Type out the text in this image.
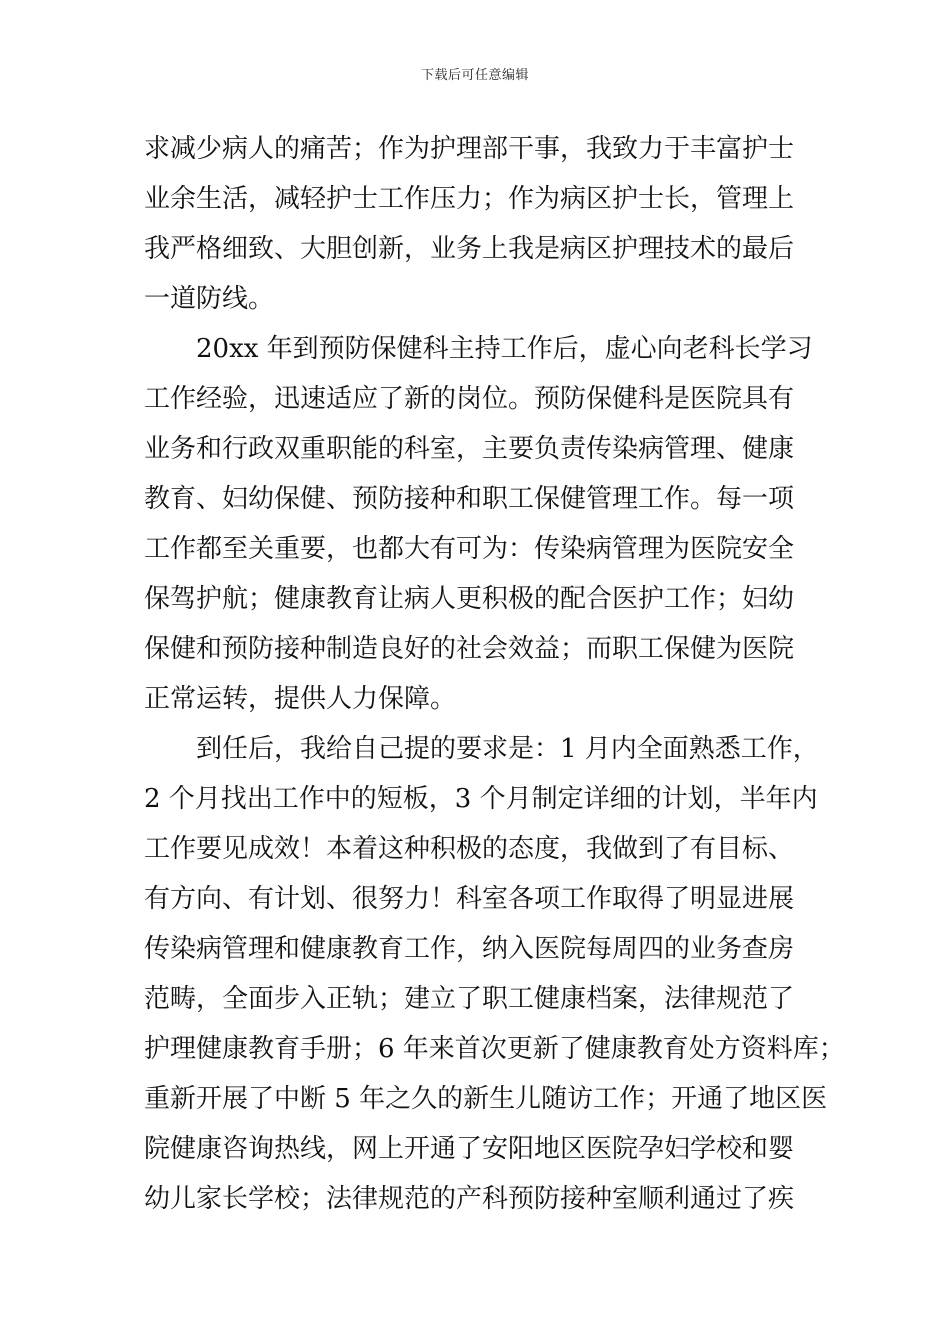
下载后可任意编辑
求减少病人的痛苦；作为护理部干事，我致力于丰富护士
业余生活，减轻护士工作压力；作为病区护士长，管理上
我严格细致、大胆创新，业务上我是病区护理技术的最后
一道防线。
20xx 年到预防保健科主持工作后，虚心向老科长学习
工作经验，迅速适应了新的岗位。预防保健科是医院具有
业务和行政双重职能的科室，主要负责传染病管理、健康
教育、妇幼保健、预防接种和职工保健管理工作。每一项
工作都至关重要，也都大有可为：传染病管理为医院安全
保驾护航；健康教育让病人更积极的配合医护工作；妇幼
保健和预防接种制造良好的社会效益；而职工保健为医院
正常运转，提供人力保障。
到任后，我给自己提的要求是：1 月内全面熟悉工作，
2 个月找出工作中的短板，3 个月制定详细的计划，半年内
工作要见成效！本着这种积极的态度，我做到了有目标、
有方向、有计划、很努力！科室各项工作取得了明显进展
传染病管理和健康教育工作，纳入医院每周四的业务查房
范畴，全面步入正轨；建立了职工健康档案，法律规范了
护理健康教育手册；6 年来首次更新了健康教育处方资料库；
重新开展了中断 5 年之久的新生儿随访工作；开通了地区医
院健康咨询热线，网上开通了安阳地区医院孕妇学校和婴
幼儿家长学校；法律规范的产科预防接种室顺利通过了疾
